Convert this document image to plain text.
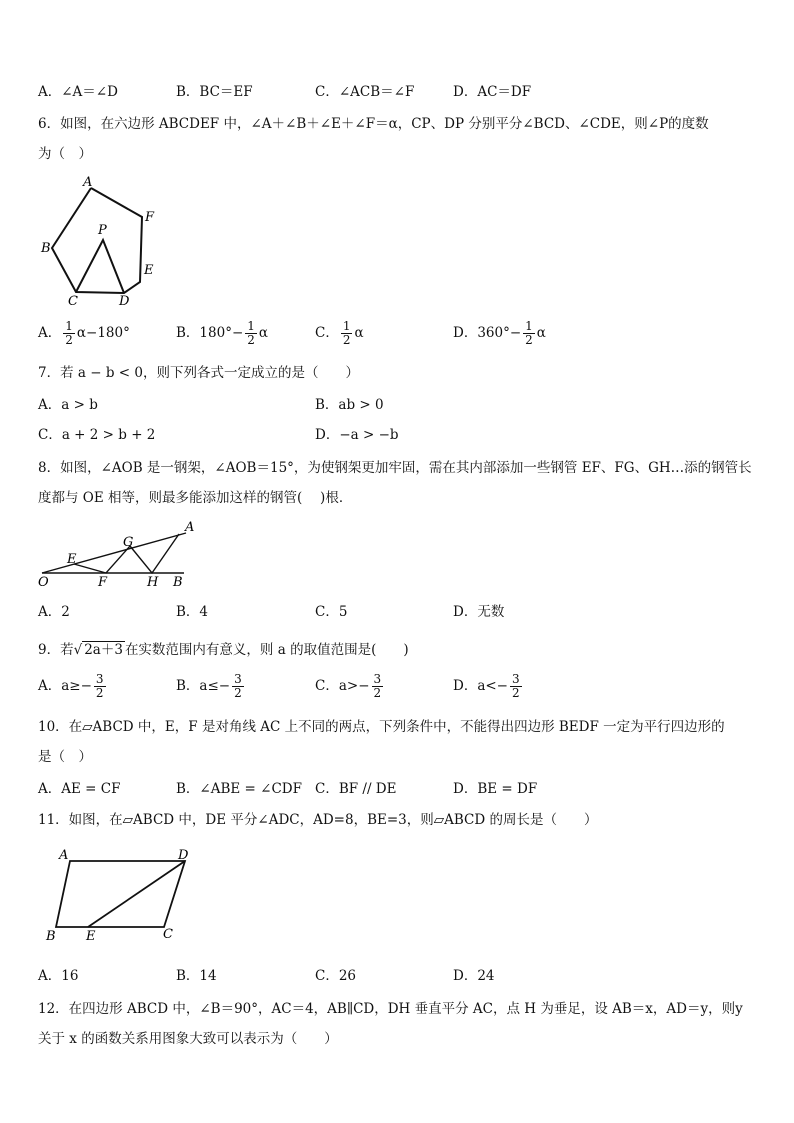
A．∠A＝∠D	B．BC＝EF	C．∠ACB＝∠F	D．AC＝DF
6．如图，在六边形 ABCDEF 中，∠A＋∠B＋∠E＋∠F＝α，CP、DP 分别平分∠BCD、∠CDE，则∠P的度数
为（　）
A
F
B
P
E
C	D
A． $\frac{1}{2} \alpha-180^\circ$	B．$180^\circ- \frac{1}{2}$ α	C． $\frac{1}{2}$ α	D．$360^\circ- \frac{1}{2}$ α
7．若 a − b < 0，则下列各式一定成立的是（　　）
A．a > b	B．ab > 0
C．a + 2 > b + 2	D．−a > −b
8．如图，∠AOB 是一钢架，∠AOB＝15°，为使钢架更加牢固，需在其内部添加一些钢管 EF、FG、GH…添的钢管长
度都与 OE 相等，则最多能添加这样的钢管(　 )根．
A
G
E
O	F	H B
A．2	B．4	C．5	D．无数
9．若√ 2a＋3 在实数范围内有意义，则 a 的取值范围是(　　)
A．$a\ge- \frac{3}{2}$	B．$a\le- \frac{3}{2}$	C．$a>- \frac{3}{2}$	D．$a<- \frac{3}{2}$
10．在▱ABCD 中，E，F 是对角线 AC 上不同的两点，下列条件中，不能得出四边形 BEDF 一定为平行四边形的
是（　）
A．AE = CF	B．∠ABE = ∠CDF C．BF // DE	D．BE = DF
11．如图，在▱ABCD 中，DE 平分∠ADC，AD=8，BE=3，则▱ABCD 的周长是（　　）
A	D
B E	C
A．16	B．14	C．26	D．24
12．在四边形 ABCD 中，∠B＝90°，AC＝4，AB∥CD，DH 垂直平分 AC，点 H 为垂足，设 AB＝x，AD＝y，则y
关于 x 的函数关系用图象大致可以表示为（　　）
